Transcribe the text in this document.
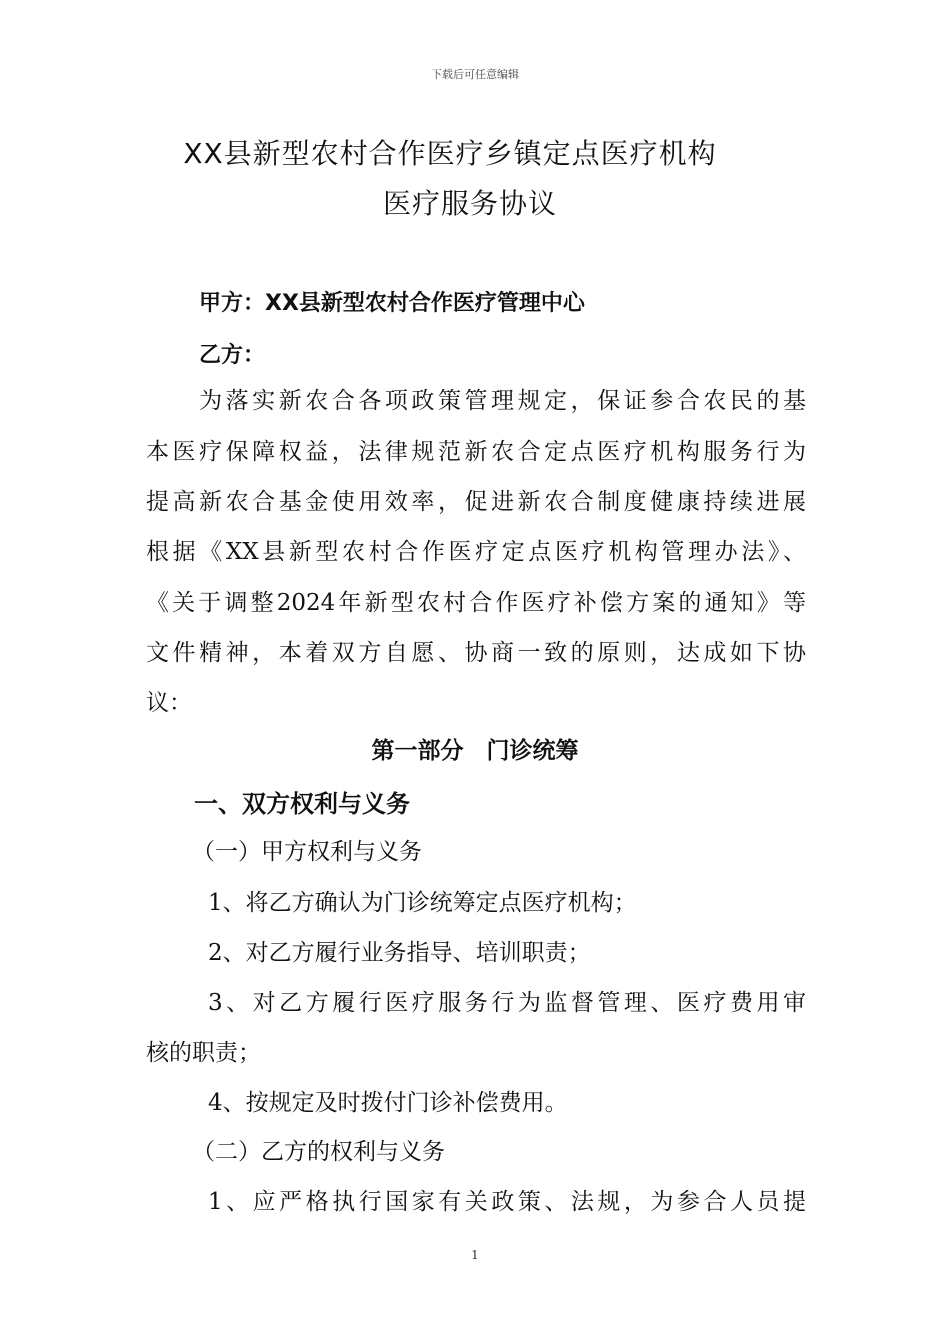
下载后可任意编辑
XX县新型农村合作医疗乡镇定点医疗机构
医疗服务协议
甲方：XX县新型农村合作医疗管理中心
乙方：
　　为落实新农合各项政策管理规定，保证参合农民的基
本医疗保障权益，法律规范新农合定点医疗机构服务行为
提高新农合基金使用效率，促进新农合制度健康持续进展
根据《XX县新型农村合作医疗定点医疗机构管理办法》、
《关于调整2024年新型农村合作医疗补偿方案的通知》等
文件精神，本着双方自愿、协商一致的原则，达成如下协
议：
第一部分　门诊统筹
一、双方权利与义务
（一）甲方权利与义务
1、将乙方确认为门诊统筹定点医疗机构；
2、对乙方履行业务指导、培训职责；
3、对乙方履行医疗服务行为监督管理、医疗费用审
核的职责；
4、按规定及时拨付门诊补偿费用。
（二）乙方的权利与义务
1、应严格执行国家有关政策、法规，为参合人员提
1
